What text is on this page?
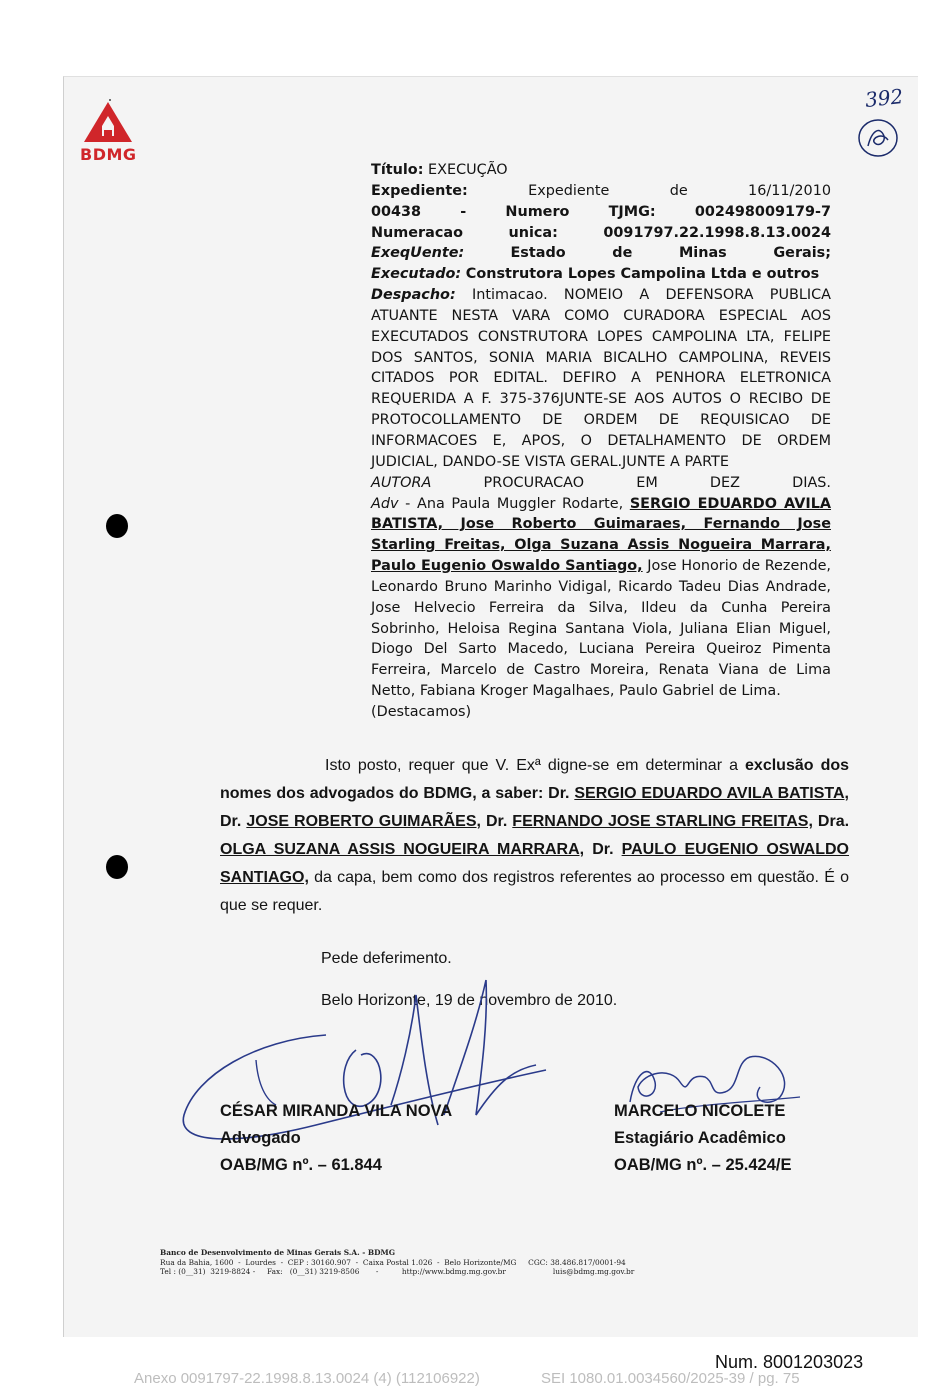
BDMG
392

Título: EXECUÇÃO

Expediente:	Expediente de 16/11/2010

00438 - Numero TJMG: 002498009179-7

Numeracao unica: 0091797.22.1998.8.13.0024

ExeqUente:	Estado de Minas Gerais;

Executado: Construtora Lopes Campolina Ltda e outros

Despacho: Intimacao. NOMEIO A DEFENSORA PUBLICA ATUANTE NESTA VARA COMO CURADORA ESPECIAL AOS EXECUTADOS CONSTRUTORA LOPES CAMPOLINA LTA, FELIPE DOS SANTOS, SONIA MARIA BICALHO CAMPOLINA, REVEIS CITADOS POR EDITAL. DEFIRO A PENHORA ELETRONICA REQUERIDA A F. 375-376JUNTE-SE AOS AUTOS O RECIBO DE PROTOCOLLAMENTO DE ORDEM DE REQUISICAO DE INFORMACOES E, APOS, O DETALHAMENTO DE ORDEM JUDICIAL, DANDO-SE VISTA GERAL.JUNTE A PARTE

AUTORA	PROCURACAO EM DEZ DIAS.

Adv - Ana Paula Muggler Rodarte, SERGIO EDUARDO AVILA BATISTA, Jose Roberto Guimaraes, Fernando Jose Starling Freitas, Olga Suzana Assis Nogueira Marrara, Paulo Eugenio Oswaldo Santiago, Jose Honorio de Rezende, Leonardo Bruno Marinho Vidigal, Ricardo Tadeu Dias Andrade, Jose Helvecio Ferreira da Silva, Ildeu da Cunha Pereira Sobrinho, Heloisa Regina Santana Viola, Juliana Elian Miguel, Diogo Del Sarto Macedo, Luciana Pereira Queiroz Pimenta Ferreira, Marcelo de Castro Moreira, Renata Viana de Lima Netto, Fabiana Kroger Magalhaes, Paulo Gabriel de Lima.

(Destacamos)

Isto posto, requer que V. Exª digne-se em determinar a exclusão dos nomes dos advogados do BDMG, a saber: Dr. SERGIO EDUARDO AVILA BATISTA, Dr. JOSE ROBERTO GUIMARÃES, Dr. FERNANDO JOSE STARLING FREITAS, Dra. OLGA SUZANA ASSIS NOGUEIRA MARRARA, Dr. PAULO EUGENIO OSWALDO SANTIAGO, da capa, bem como dos registros referentes ao processo em questão. É o que se requer.
Pede deferimento.
Belo Horizonte, 19 de novembro de 2010.
CÉSAR MIRANDA VILA NOVA
Advogado
OAB/MG nº. – 61.844
MARCELO NICOLETE
Estagiário Acadêmico
OAB/MG nº. – 25.424/E
Banco de Desenvolvimento de Minas Gerais S.A. - BDMG
Rua da Bahia, 1600  -  Lourdes  -  CEP : 30160.907  -  Caixa Postal 1.026  -  Belo Horizonte/MG     CGC: 38.486.817/0001-94
Tel : (0__31)  3219-8824 -     Fax:   (0__31) 3219-8506       -          http://www.bdmg.mg.gov.br                    luis@bdmg.mg.gov.br
Num. 8001203023
Anexo 0091797-22.1998.8.13.0024 (4) (112106922)	SEI 1080.01.0034560/2025-39 / pg. 75
